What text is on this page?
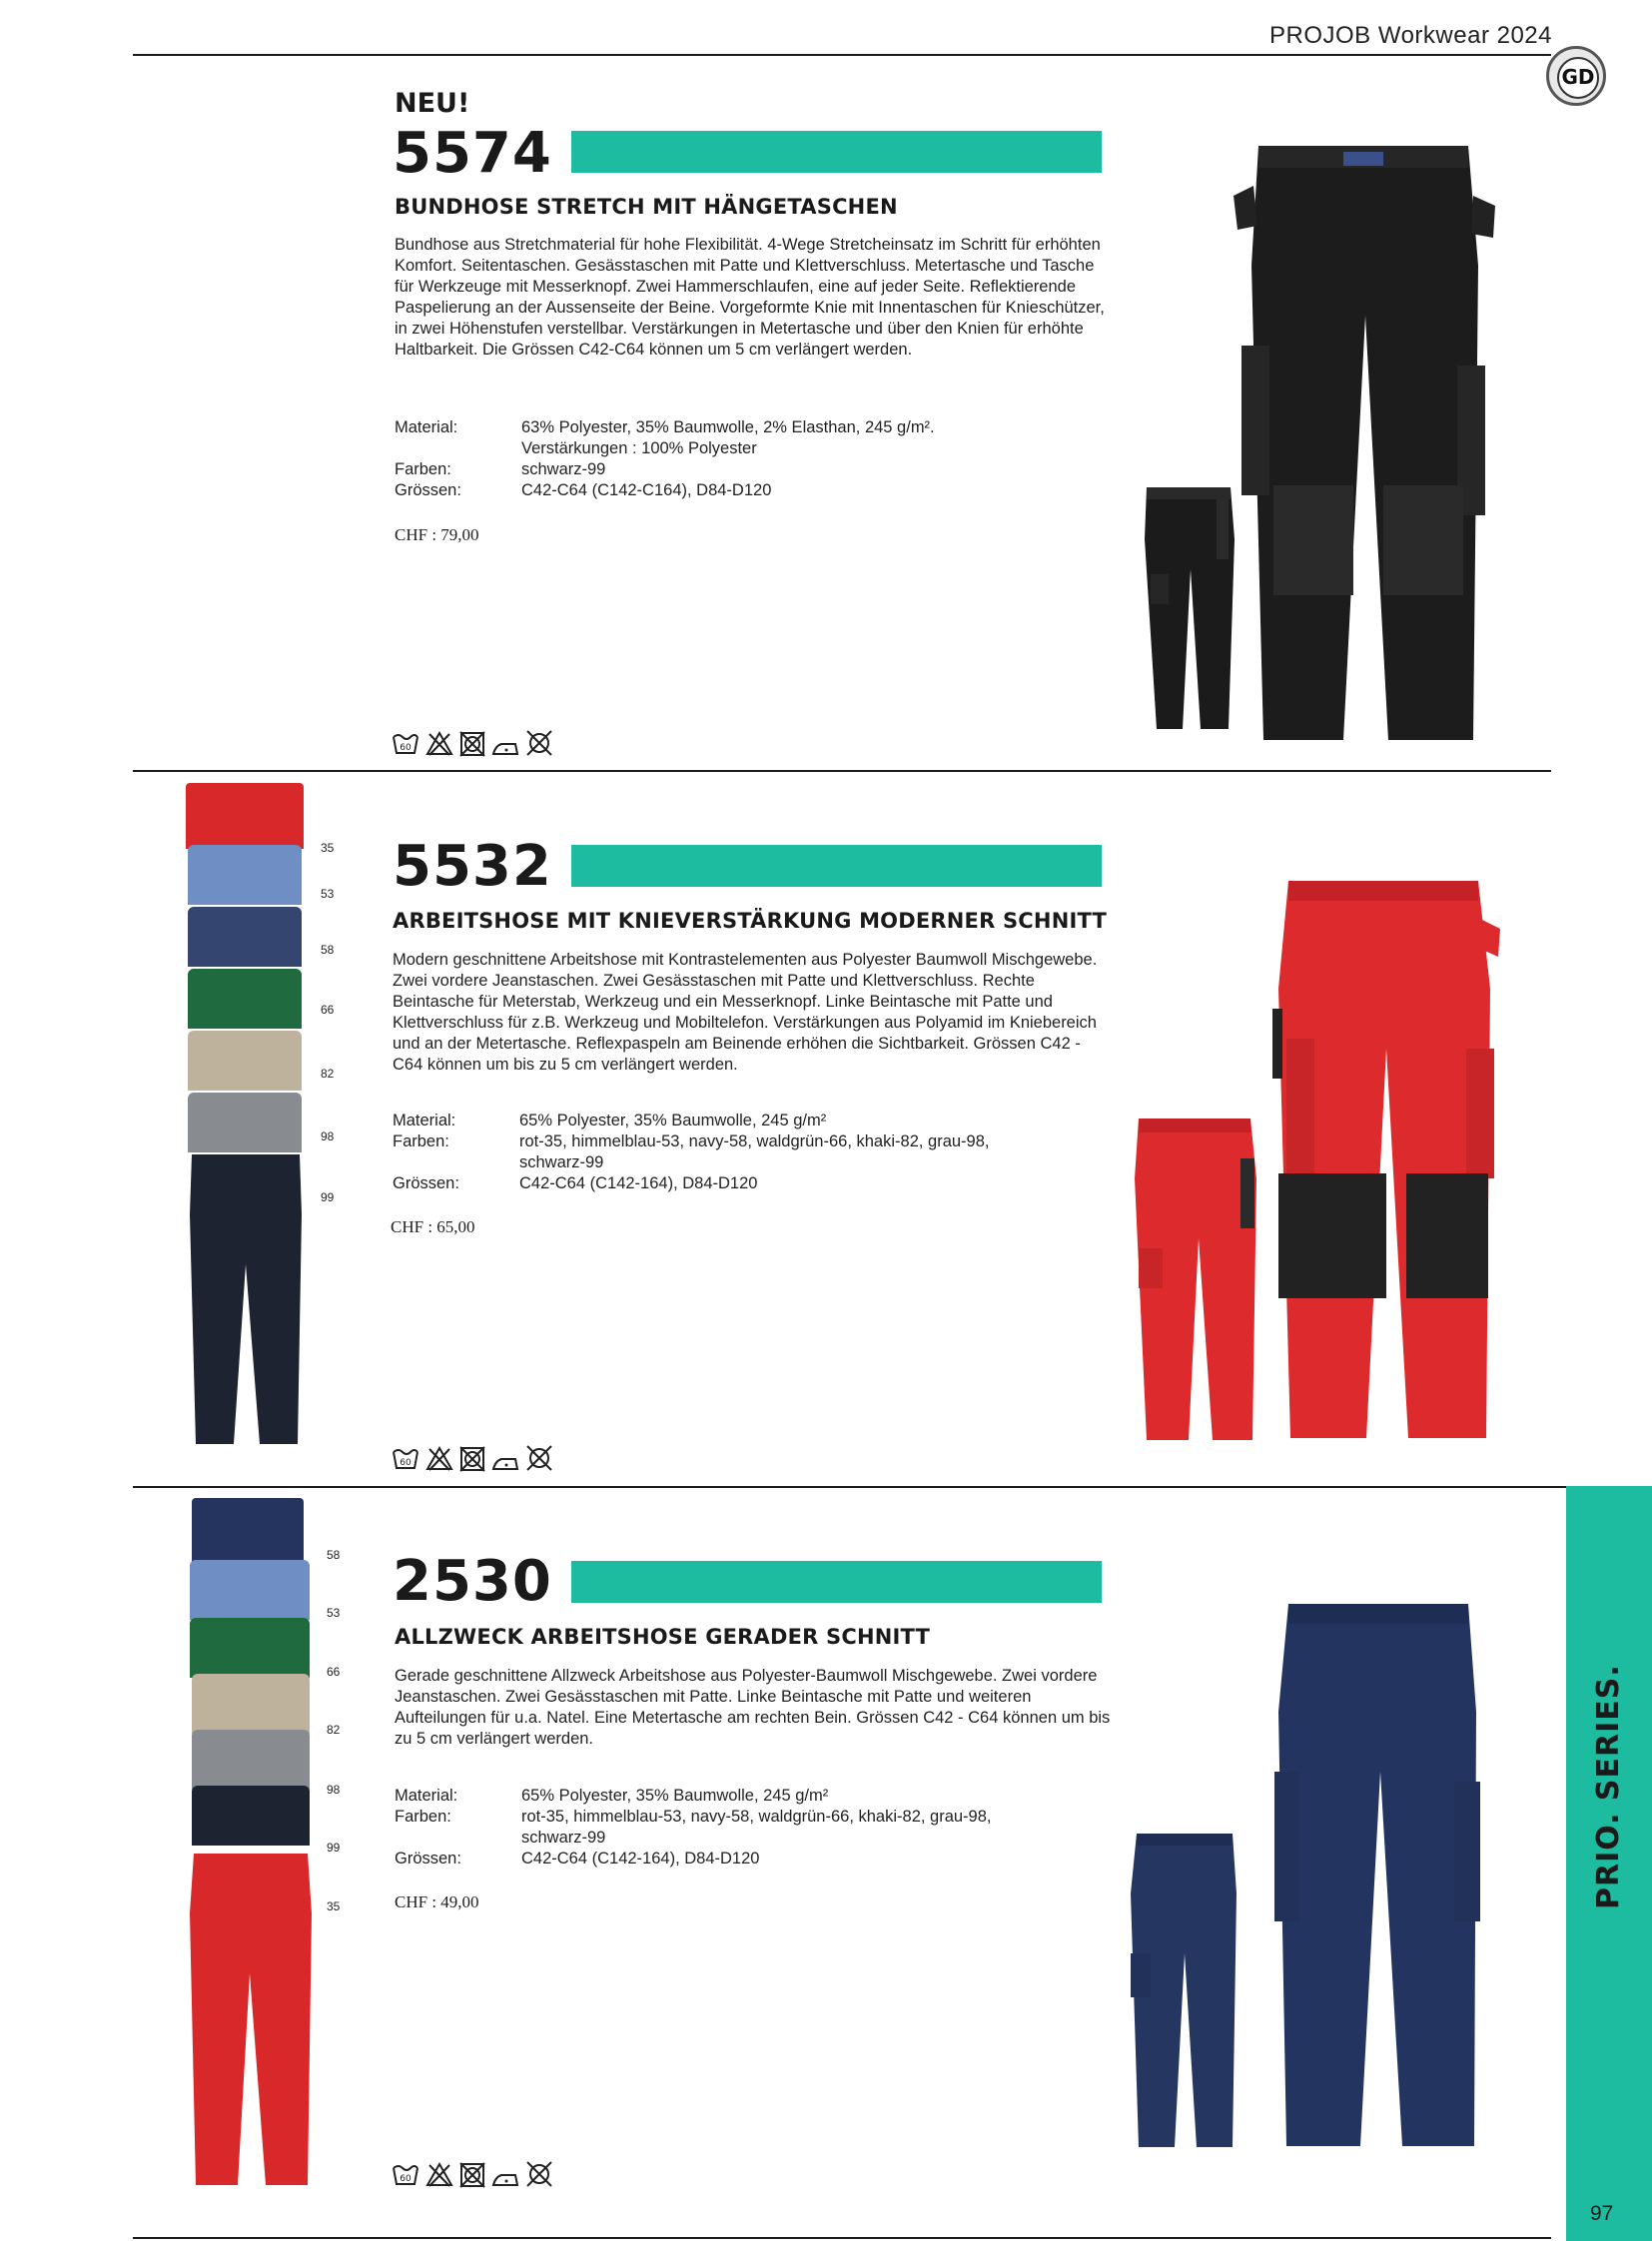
PROJOB Workwear 2024
GD
NEU!
5574
BUNDHOSE STRETCH MIT HÄNGETASCHEN
Bundhose aus Stretchmaterial für hohe Flexibilität. 4-Wege Stretcheinsatz im Schritt für erhöhten Komfort. Seitentaschen. Gesässtaschen mit Patte und Klettverschluss. Metertasche und Tasche für Werkzeuge mit Messerknopf. Zwei Hammerschlaufen, eine auf jeder Seite. Reflektierende Paspelierung an der Aussenseite der Beine. Vorgeformte Knie mit Innentaschen für Knieschützer, in zwei Höhenstufen verstellbar. Verstärkungen in Metertasche und über den Knien für erhöhte Haltbarkeit. Die Grössen C42-C64 können um 5 cm verlängert werden.
Material:	63% Polyester, 35% Baumwolle, 2% Elasthan, 245 g/m².
Verstärkungen : 100% Polyester
Farben:	schwarz-99
Grössen:	C42-C64 (C142-C164), D84-D120
CHF : 79,00
60
5532
ARBEITSHOSE MIT KNIEVERSTÄRKUNG MODERNER SCHNITT
Modern geschnittene Arbeitshose mit Kontrastelementen aus Polyester Baumwoll Mischgewebe. Zwei vordere Jeanstaschen. Zwei Gesässtaschen mit Patte und Klettverschluss. Rechte Beintasche für Meterstab, Werkzeug und ein Messerknopf. Linke Beintasche mit Patte und Klettverschluss für z.B. Werkzeug und Mobiltelefon. Verstärkungen aus Polyamid im Kniebereich und an der Metertasche. Reflexpaspeln am Beinende erhöhen die Sichtbarkeit. Grössen C42 - C64 können um bis zu 5 cm verlängert werden.
Material:	65% Polyester, 35% Baumwolle, 245 g/m²
Farben:	rot-35, himmelblau-53, navy-58, waldgrün-66, khaki-82, grau-98,
schwarz-99
Grössen:	C42-C64 (C142-164), D84-D120
CHF : 65,00
60
35
53
58
66
82
98
99
2530
ALLZWECK ARBEITSHOSE GERADER SCHNITT
Gerade geschnittene Allzweck Arbeitshose aus Polyester-Baumwoll Mischgewebe. Zwei vordere Jeanstaschen. Zwei Gesässtaschen mit Patte. Linke Beintasche mit Patte und weiteren Aufteilungen für u.a. Natel. Eine Metertasche am rechten Bein. Grössen C42 - C64 können um bis zu 5 cm verlängert werden.
Material:	65% Polyester, 35% Baumwolle, 245 g/m²
Farben:	rot-35, himmelblau-53, navy-58, waldgrün-66, khaki-82, grau-98,
schwarz-99
Grössen:	C42-C64 (C142-164), D84-D120
CHF : 49,00
60
58
53
66
82
98
99
35	PRIO. SERIES.
97
